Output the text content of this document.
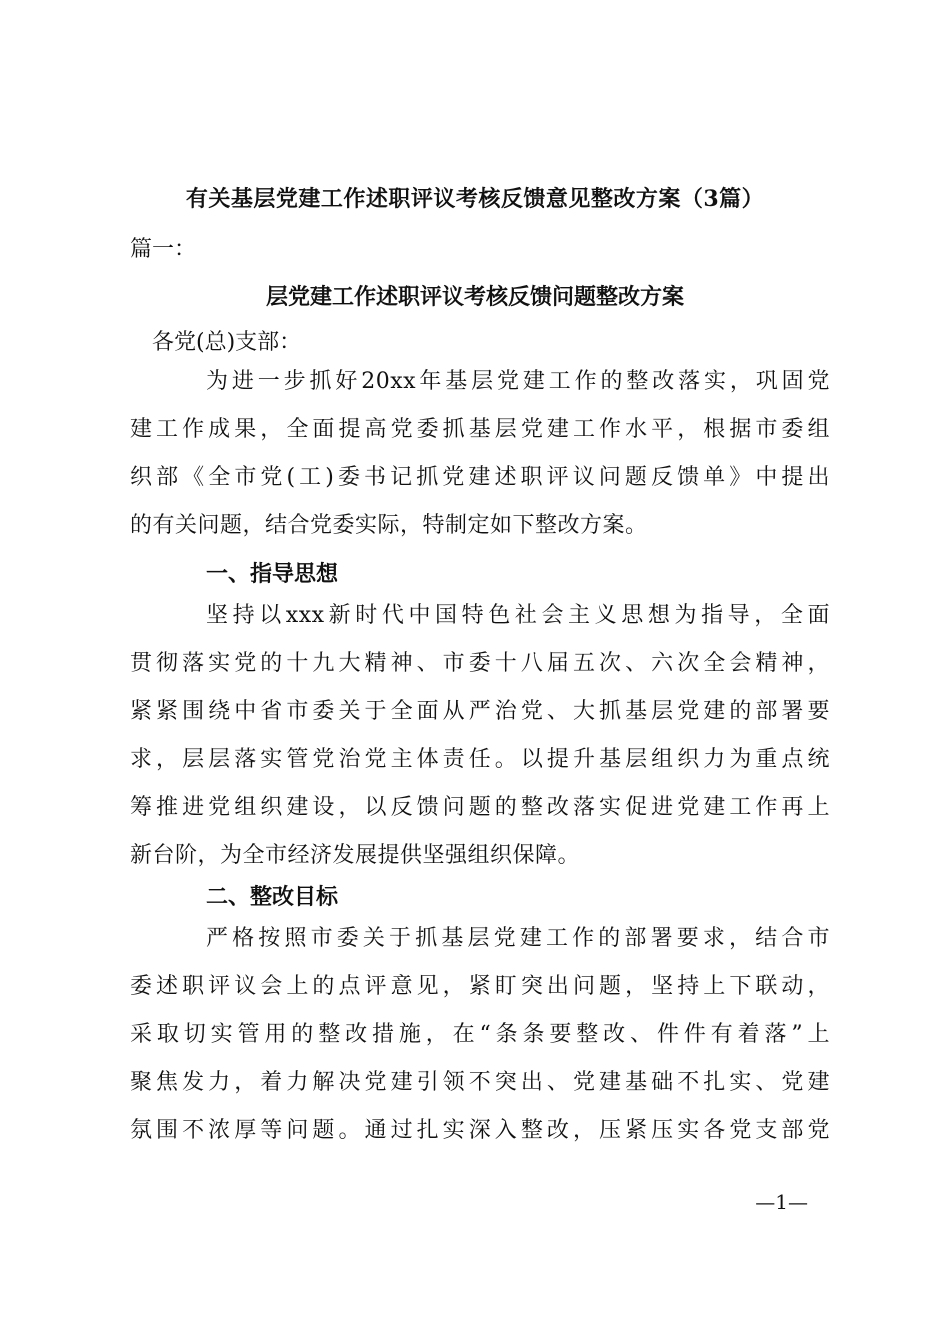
有关基层党建工作述职评议考核反馈意见整改方案（3篇）
篇一：
层党建工作述职评议考核反馈问题整改方案
各党(总)支部：
为进一步抓好20xx年基层党建工作的整改落实，巩固党
建工作成果，全面提高党委抓基层党建工作水平，根据市委组
织部《全市党(工)委书记抓党建述职评议问题反馈单》中提出
的有关问题，结合党委实际，特制定如下整改方案。
一、指导思想
坚持以xxx新时代中国特色社会主义思想为指导，全面
贯彻落实党的十九大精神、市委十八届五次、六次全会精神，
紧紧围绕中省市委关于全面从严治党、大抓基层党建的部署要
求，层层落实管党治党主体责任。以提升基层组织力为重点统
筹推进党组织建设，以反馈问题的整改落实促进党建工作再上
新台阶，为全市经济发展提供坚强组织保障。
二、整改目标
严格按照市委关于抓基层党建工作的部署要求，结合市
委述职评议会上的点评意见，紧盯突出问题，坚持上下联动，
采取切实管用的整改措施，在“条条要整改、件件有着落”上
聚焦发力，着力解决党建引领不突出、党建基础不扎实、党建
氛围不浓厚等问题。通过扎实深入整改，压紧压实各党支部党
—1—
